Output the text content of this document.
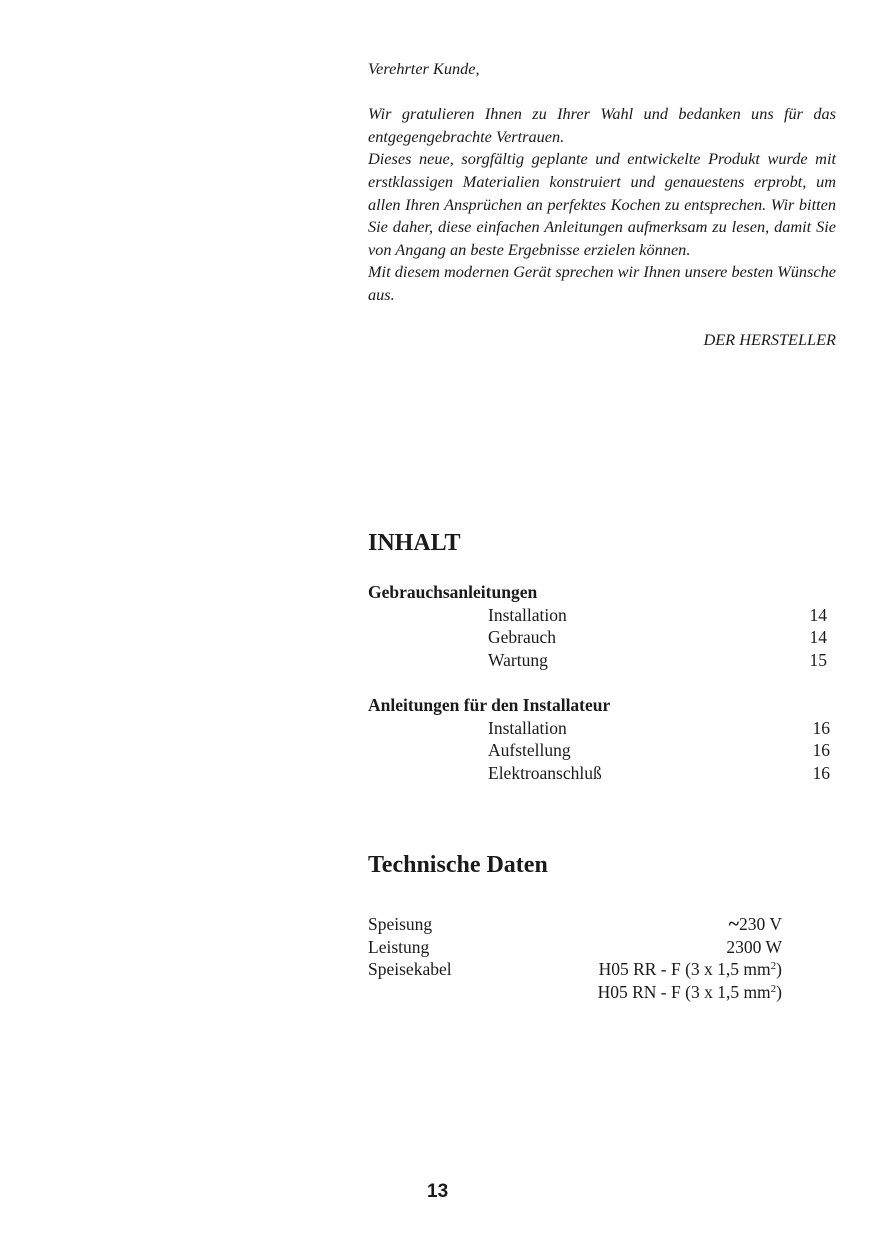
Verehrter Kunde,

Wir gratulieren Ihnen zu Ihrer Wahl und bedanken uns für das entgegengebrachte Vertrauen.

Dieses neue, sorgfältig geplante und entwickelte Produkt wurde mit erstklassigen Materialien konstruiert und genauestens erprobt, um allen Ihren Ansprüchen an perfektes Kochen zu entsprechen. Wir bitten Sie daher, diese einfachen Anleitungen aufmerksam zu lesen, damit Sie von Angang an beste Ergebnisse erzielen können.

Mit diesem modernen Gerät sprechen wir Ihnen unsere besten Wünsche aus.

DER HERSTELLER

INHALT
Gebrauchsanleitungen
Installation	14
Gebrauch	14
Wartung	15
Anleitungen für den Installateur
Installation	16
Aufstellung	16
Elektroanschluß	16
Technische Daten
Speisung	~230 V
Leistung	2300 W
Speisekabel	H05 RR - F (3 x 1,5 $mm^2$)
H05 RN - F (3 x 1,5 $mm^2$)
13
